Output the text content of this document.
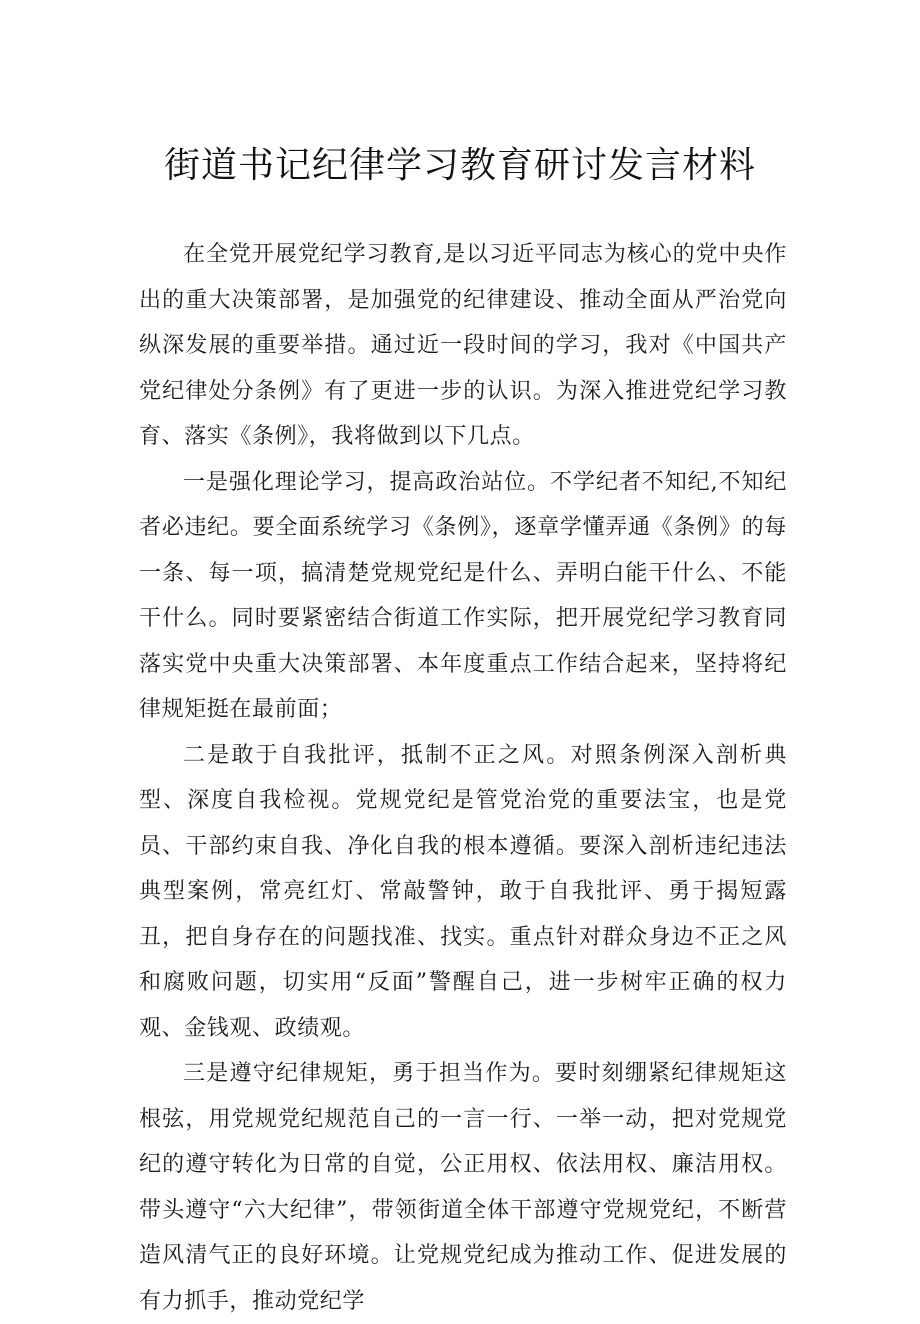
街道书记纪律学习教育研讨发言材料

在全党开展党纪学习教育,是以习近平同志为核心的党中央作出的重大决策部署，是加强党的纪律建设、推动全面从严治党向纵深发展的重要举措。通过近一段时间的学习，我对《中国共产党纪律处分条例》有了更进一步的认识。为深入推进党纪学习教育、落实《条例》，我将做到以下几点。

一是强化理论学习，提高政治站位。不学纪者不知纪,不知纪者必违纪。要全面系统学习《条例》，逐章学懂弄通《条例》的每一条、每一项，搞清楚党规党纪是什么、弄明白能干什么、不能干什么。同时要紧密结合街道工作实际，把开展党纪学习教育同落实党中央重大决策部署、本年度重点工作结合起来，坚持将纪律规矩挺在最前面；

二是敢于自我批评，抵制不正之风。对照条例深入剖析典型、深度自我检视。党规党纪是管党治党的重要法宝，也是党员、干部约束自我、净化自我的根本遵循。要深入剖析违纪违法典型案例，常亮红灯、常敲警钟，敢于自我批评、勇于揭短露丑，把自身存在的问题找准、找实。重点针对群众身边不正之风和腐败问题，切实用“反面”警醒自己，进一步树牢正确的权力观、金钱观、政绩观。

三是遵守纪律规矩，勇于担当作为。要时刻绷紧纪律规矩这根弦，用党规党纪规范自己的一言一行、一举一动，把对党规党纪的遵守转化为日常的自觉，公正用权、依法用权、廉洁用权。带头遵守“六大纪律”，带领街道全体干部遵守党规党纪，不断营造风清气正的良好环境。让党规党纪成为推动工作、促进发展的有力抓手，推动党纪学
